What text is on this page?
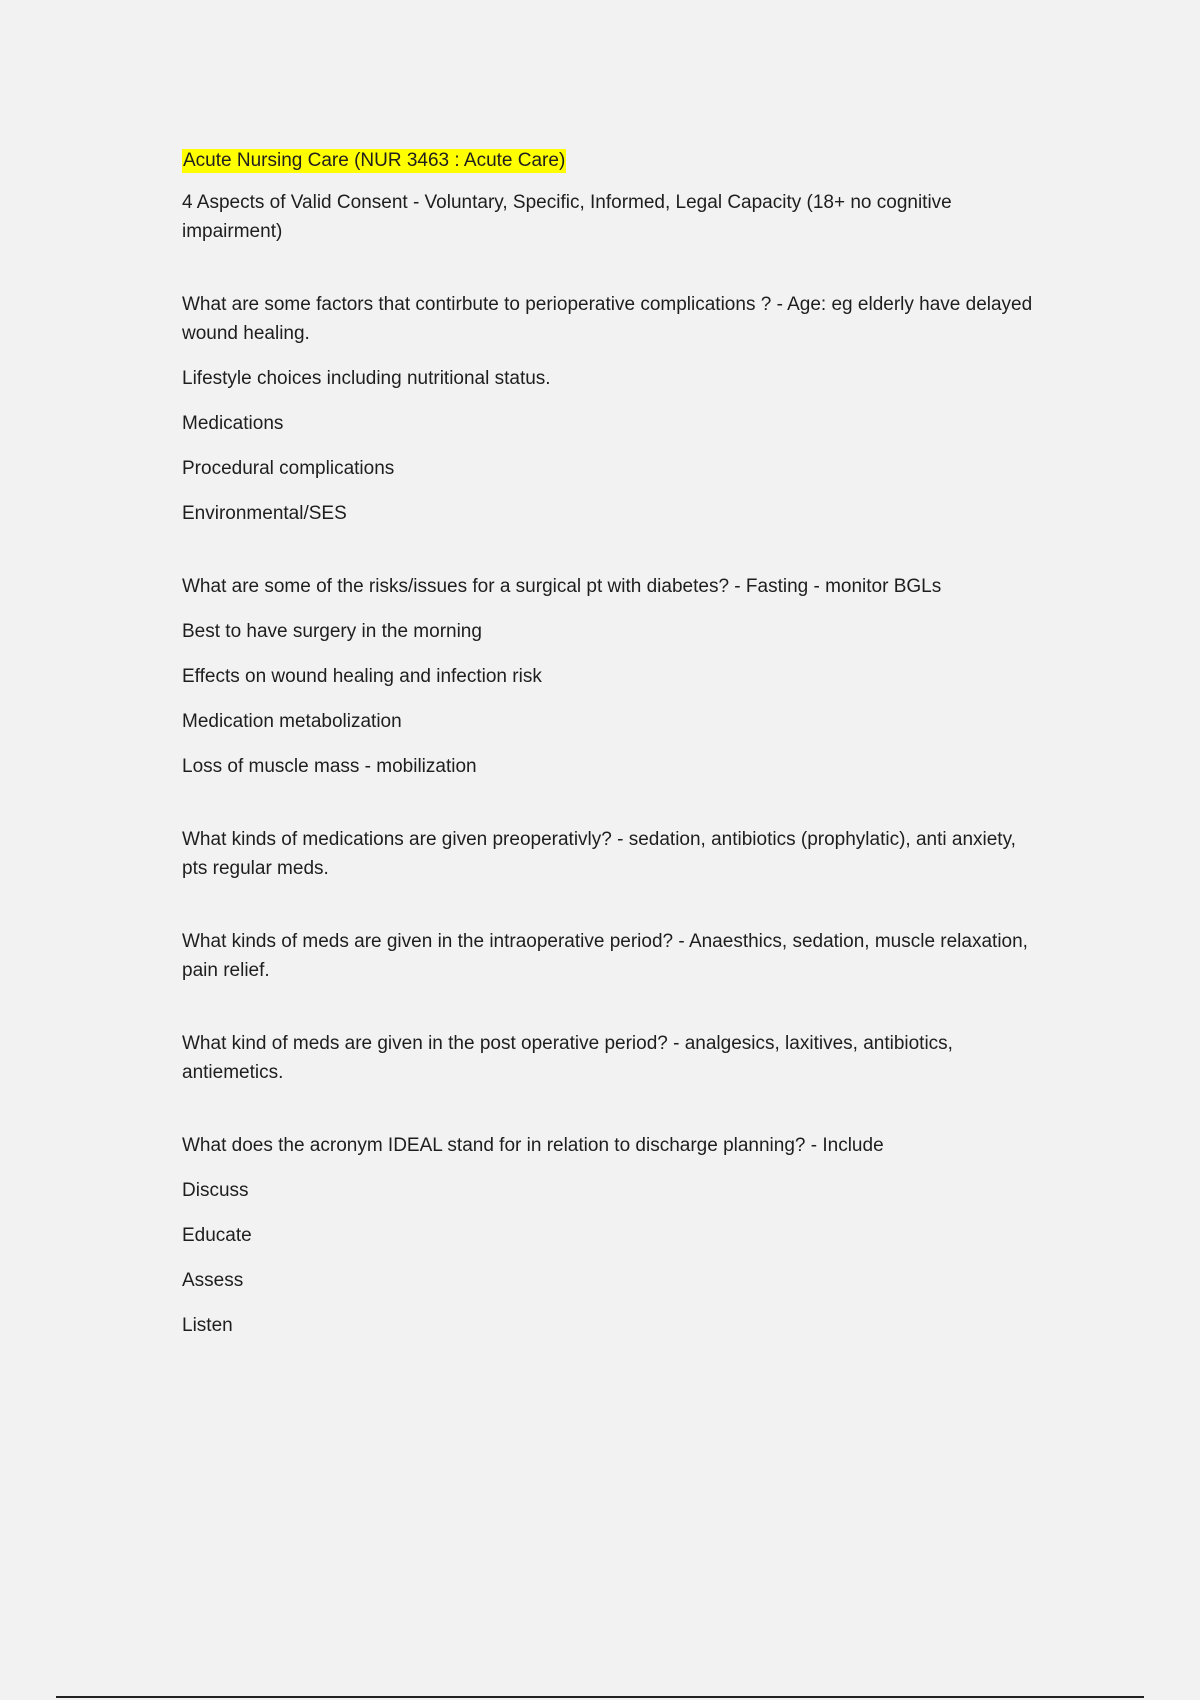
Acute Nursing Care (NUR 3463 : Acute Care)

4 Aspects of Valid Consent - Voluntary, Specific, Informed, Legal Capacity (18+ no cognitive impairment)

What are some factors that contirbute to perioperative complications ? - Age: eg elderly have delayed wound healing.

Lifestyle choices including nutritional status.

Medications

Procedural complications

Environmental/SES

What are some of the risks/issues for a surgical pt with diabetes? - Fasting - monitor BGLs

Best to have surgery in the morning

Effects on wound healing and infection risk

Medication metabolization

Loss of muscle mass - mobilization

What kinds of medications are given preoperativly? - sedation, antibiotics (prophylatic), anti anxiety, pts regular meds.

What kinds of meds are given in the intraoperative period? - Anaesthics, sedation, muscle relaxation, pain relief.

What kind of meds are given in the post operative period? - analgesics, laxitives, antibiotics, antiemetics.

What does the acronym IDEAL stand for in relation to discharge planning? - Include

Discuss

Educate

Assess

Listen
